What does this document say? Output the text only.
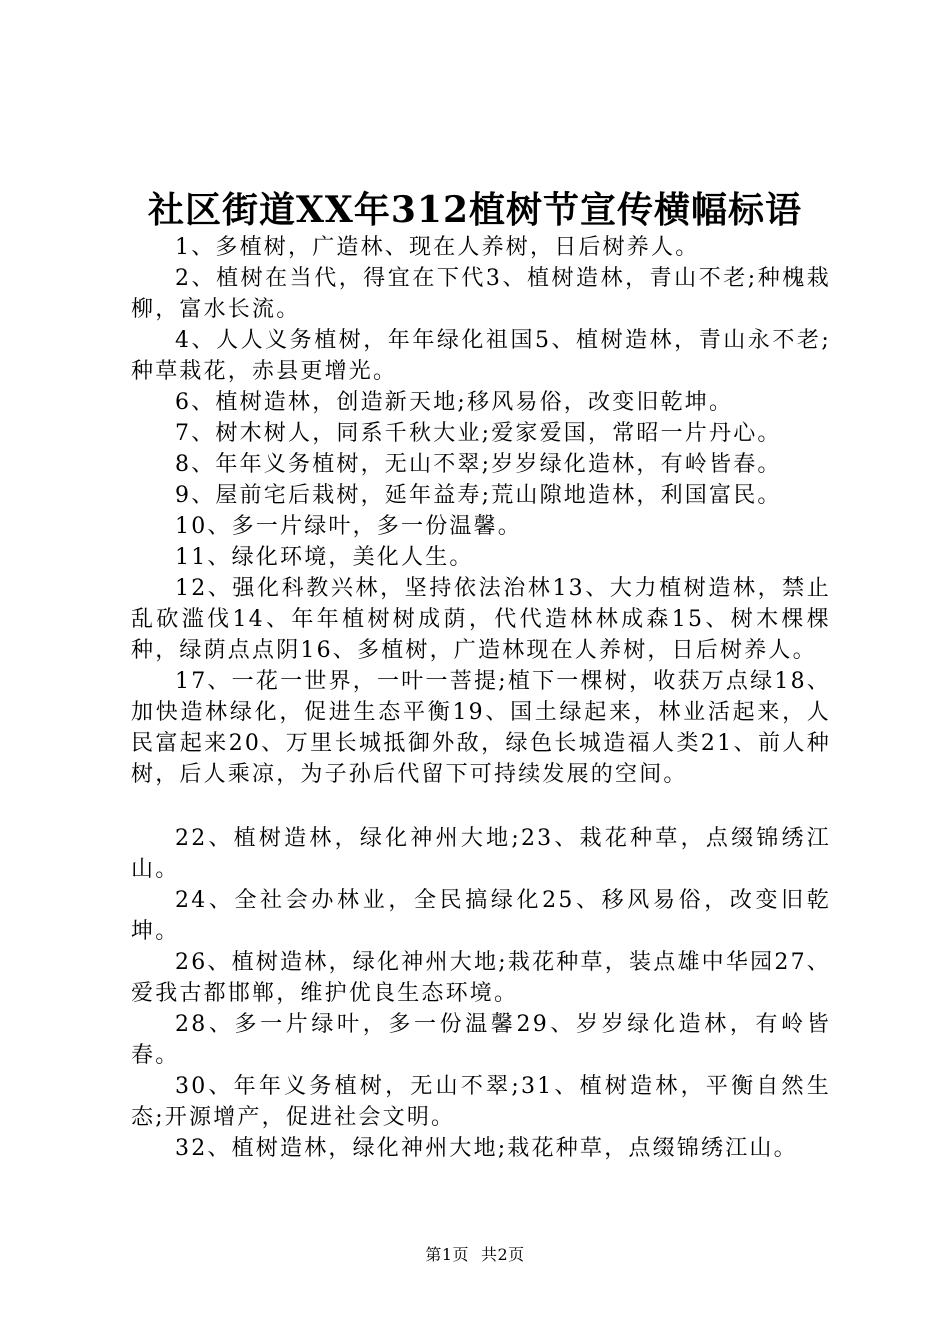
社区街道XX年312植树节宣传横幅标语

1、多植树，广造林、现在人养树，日后树养人。

2、植树在当代，得宜在下代3、植树造林，青山不老;种槐栽柳，富水长流。

4、人人义务植树，年年绿化祖国5、植树造林，青山永不老;种草栽花，赤县更增光。

6、植树造林，创造新天地;移风易俗，改变旧乾坤。

7、树木树人，同系千秋大业;爱家爱国，常昭一片丹心。

8、年年义务植树，无山不翠;岁岁绿化造林，有岭皆春。

9、屋前宅后栽树，延年益寿;荒山隙地造林，利国富民。

10、多一片绿叶，多一份温馨。

11、绿化环境，美化人生。

12、强化科教兴林，坚持依法治林13、大力植树造林，禁止乱砍滥伐14、年年植树树成荫，代代造林林成森15、树木棵棵种，绿荫点点阴16、多植树，广造林现在人养树，日后树养人。

17、一花一世界，一叶一菩提;植下一棵树，收获万点绿18、加快造林绿化，促进生态平衡19、国土绿起来，林业活起来，人民富起来20、万里长城抵御外敌，绿色长城造福人类21、前人种树，后人乘凉，为子孙后代留下可持续发展的空间。

22、植树造林，绿化神州大地;23、栽花种草，点缀锦绣江山。

24、全社会办林业，全民搞绿化25、移风易俗，改变旧乾坤。

26、植树造林，绿化神州大地;栽花种草，装点雄中华园27、爱我古都邯郸，维护优良生态环境。

28、多一片绿叶，多一份温馨29、岁岁绿化造林，有岭皆春。

30、年年义务植树，无山不翠;31、植树造林，平衡自然生态;开源增产，促进社会文明。

32、植树造林，绿化神州大地;栽花种草，点缀锦绣江山。

第1页 共2页
